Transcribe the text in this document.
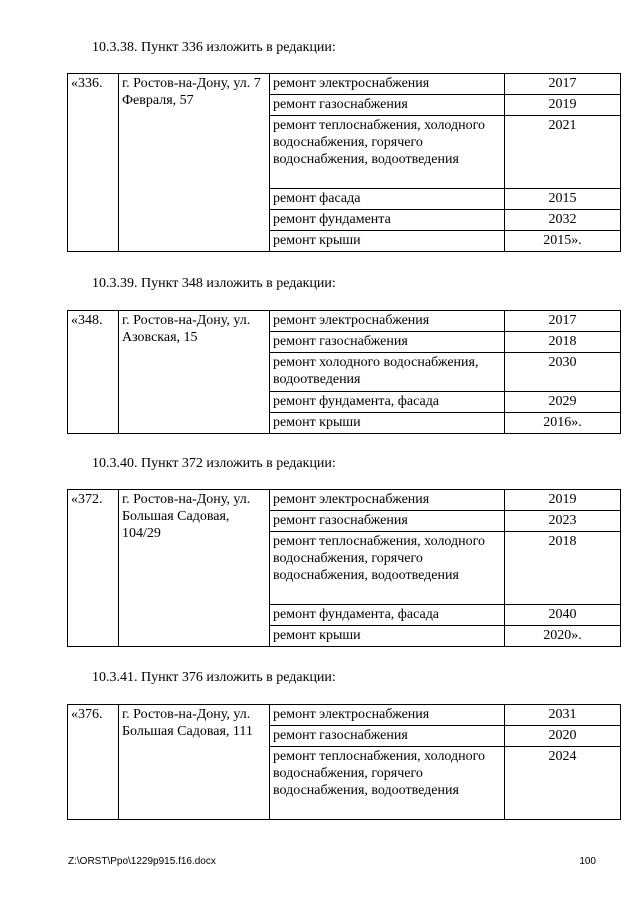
10.3.38. Пункт 336 изложить в редакции:
«336.	г. Ростов-на-Дону, ул. 7 Февраля, 57	ремонт электроснабжения	2017
		ремонт газоснабжения	2019
		ремонт теплоснабжения, холодного водоснабжения, горячего водоснабжения, водоотведения	2021
		ремонт фасада	2015
		ремонт фундамента	2032
		ремонт крыши	2015».
10.3.39. Пункт 348 изложить в редакции:
«348.	г. Ростов-на-Дону, ул. Азовская, 15	ремонт электроснабжения	2017
		ремонт газоснабжения	2018
		ремонт холодного водоснабжения, водоотведения	2030
		ремонт фундамента, фасада	2029
		ремонт крыши	2016».
10.3.40. Пункт 372 изложить в редакции:
«372.	г. Ростов-на-Дону, ул. Большая Садовая, 104/29	ремонт электроснабжения	2019
		ремонт газоснабжения	2023
		ремонт теплоснабжения, холодного водоснабжения, горячего водоснабжения, водоотведения	2018
		ремонт фундамента, фасада	2040
		ремонт крыши	2020».
10.3.41. Пункт 376 изложить в редакции:
«376.	г. Ростов-на-Дону, ул. Большая Садовая, 111	ремонт электроснабжения	2031
		ремонт газоснабжения	2020
		ремонт теплоснабжения, холодного водоснабжения, горячего водоснабжения, водоотведения	2024
Z:\ORST\Ppo\1229p915.f16.docx	100
